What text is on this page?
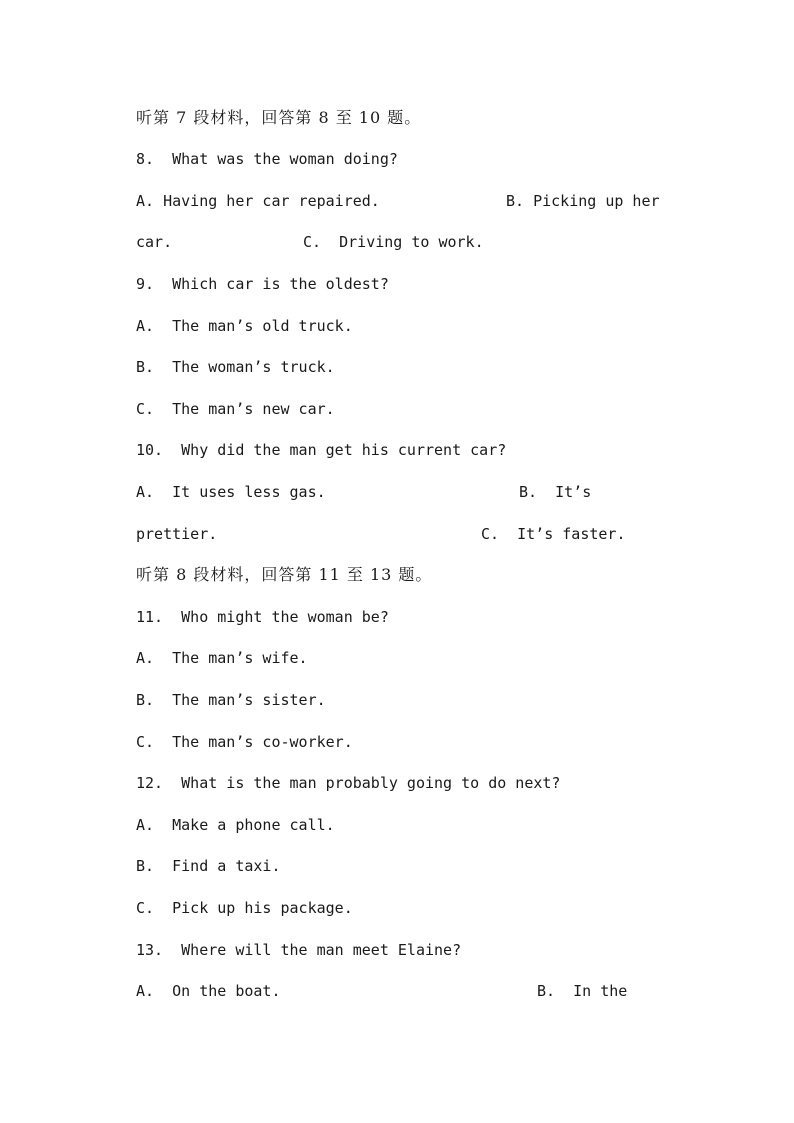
听第 7 段材料，回答第 8 至 10 题。
8.  What was the woman doing?

A. Having her car repaired.

	B. Picking up her

car.

	C.  Driving to work.

9.  Which car is the oldest?
A.  The man’s old truck.
B.  The woman’s truck.
C.  The man’s new car.
10.  Why did the man get his current car?

A.  It uses less gas.

	B.  It’s

prettier.

	C.  It’s faster.

听第 8 段材料，回答第 11 至 13 题。
11.  Who might the woman be?
A.  The man’s wife.
B.  The man’s sister.
C.  The man’s co-worker.
12.  What is the man probably going to do next?
A.  Make a phone call.
B.  Find a taxi.
C.  Pick up his package.
13.  Where will the man meet Elaine?

A.  On the boat.

	B.  In the
